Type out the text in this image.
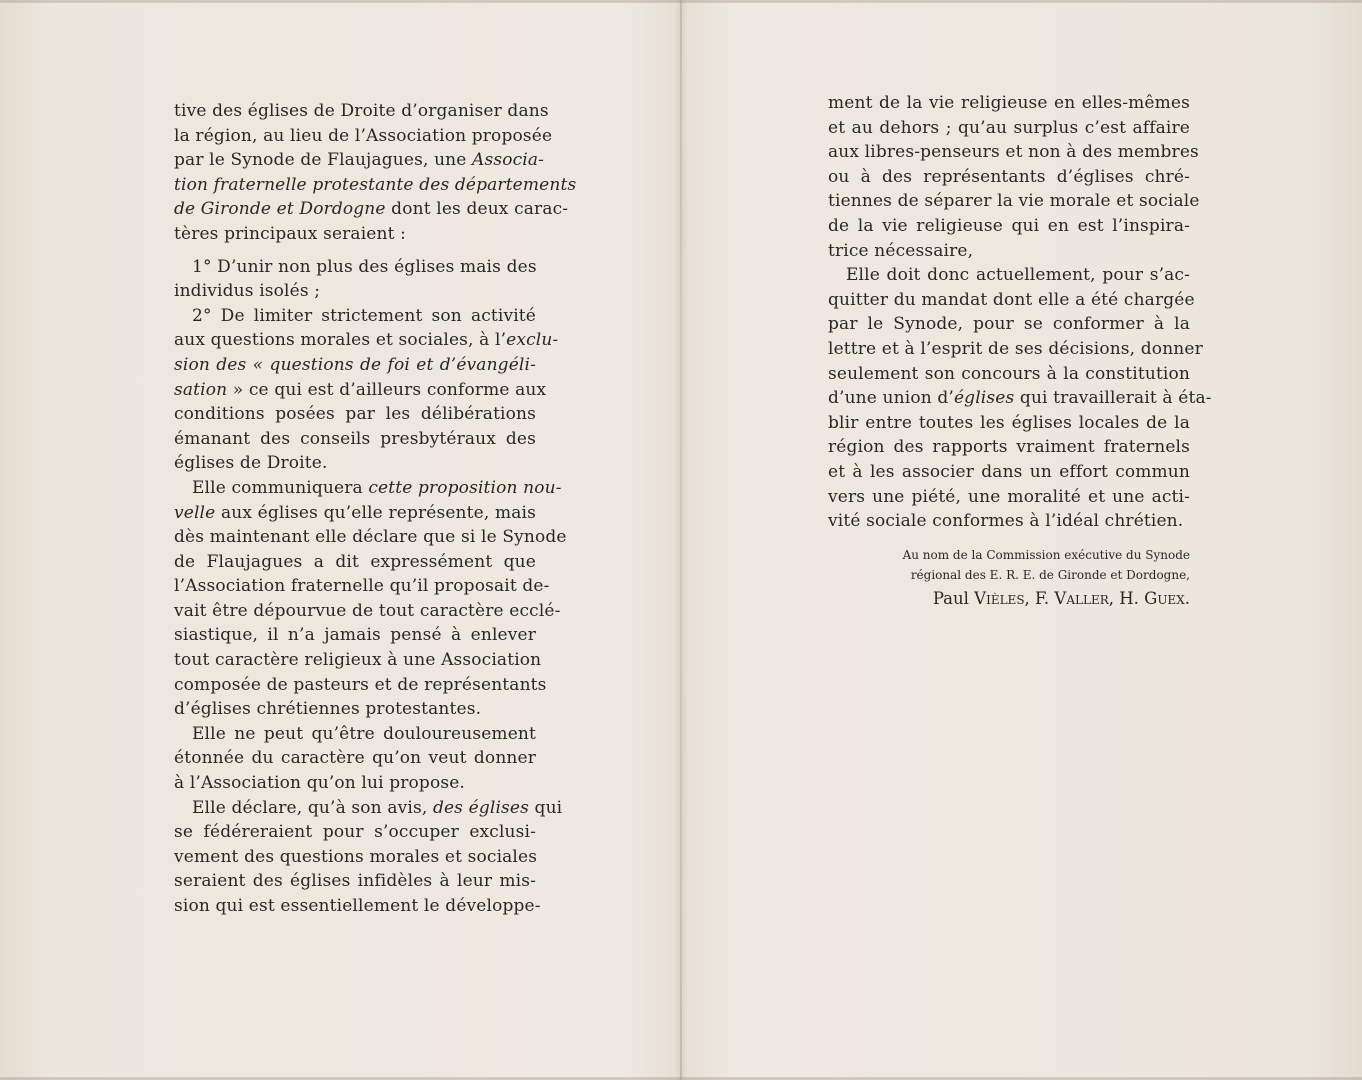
tive des églises de Droite d’organiser dans
la région, au lieu de l’Association proposée
par le Synode de Flaujagues, une Associa-
tion fraternelle protestante des départements
de Gironde et Dordogne dont les deux carac-
tères principaux seraient :
1° D’unir non plus des églises mais des
individus isolés ;
2° De limiter strictement son activité
aux questions morales et sociales, à l’exclu-
sion des « questions de foi et d’évangéli-
sation » ce qui est d’ailleurs conforme aux
conditions posées par les délibérations
émanant des conseils presbytéraux des
églises de Droite.
Elle communiquera cette proposition nou-
velle aux églises qu’elle représente, mais
dès maintenant elle déclare que si le Synode
de Flaujagues a dit expressément que
l’Association fraternelle qu’il proposait de-
vait être dépourvue de tout caractère ecclé-
siastique, il n’a jamais pensé à enlever
tout caractère religieux à une Association
composée de pasteurs et de représentants
d’églises chrétiennes protestantes.
Elle ne peut qu’être douloureusement
étonnée du caractère qu’on veut donner
à l’Association qu’on lui propose.
Elle déclare, qu’à son avis, des églises qui
se fédéreraient pour s’occuper exclusi-
vement des questions morales et sociales
seraient des églises infidèles à leur mis-
sion qui est essentiellement le développe-
ment de la vie religieuse en elles-mêmes
et au dehors ; qu’au surplus c’est affaire
aux libres-penseurs et non à des membres
ou à des représentants d’églises chré-
tiennes de séparer la vie morale et sociale
de la vie religieuse qui en est l’inspira-
trice nécessaire,
Elle doit donc actuellement, pour s’ac-
quitter du mandat dont elle a été chargée
par le Synode, pour se conformer à la
lettre et à l’esprit de ses décisions, donner
seulement son concours à la constitution
d’une union d’églises qui travaillerait à éta-
blir entre toutes les églises locales de la
région des rapports vraiment fraternels
et à les associer dans un effort commun
vers une piété, une moralité et une acti-
vité sociale conformes à l’idéal chrétien.
Au nom de la Commission exécutive du Synode
régional des E. R. E. de Gironde et Dordogne,
Paul Vièles, F. Valler, H. Guex.
